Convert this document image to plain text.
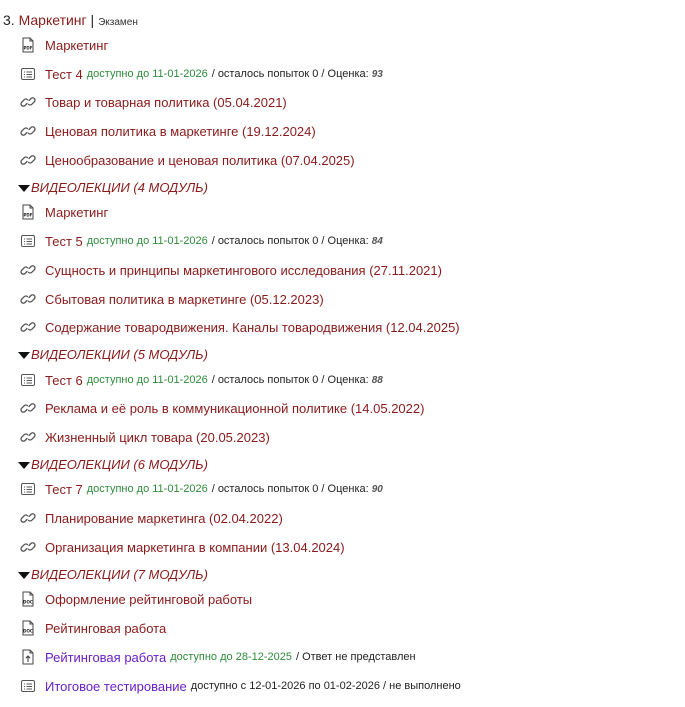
3. Маркетинг | Экзамен
PDF Маркетинг
Тест 4 доступно до 11-01-2026 / осталось попыток 0 / Оценка: 93
Товар и товарная политика (05.04.2021)
Ценовая политика в маркетинге (19.12.2024)
Ценообразование и ценовая политика (07.04.2025)
ВИДЕОЛЕКЦИИ (4 МОДУЛЬ)
PDF Маркетинг
Тест 5 доступно до 11-01-2026 / осталось попыток 0 / Оценка: 84
Сущность и принципы маркетингового исследования (27.11.2021)
Сбытовая политика в маркетинге (05.12.2023)
Содержание товародвижения. Каналы товародвижения (12.04.2025)
ВИДЕОЛЕКЦИИ (5 МОДУЛЬ)
Тест 6 доступно до 11-01-2026 / осталось попыток 0 / Оценка: 88
Реклама и её роль в коммуникационной политике (14.05.2022)
Жизненный цикл товара (20.05.2023)
ВИДЕОЛЕКЦИИ (6 МОДУЛЬ)
Тест 7 доступно до 11-01-2026 / осталось попыток 0 / Оценка: 90
Планирование маркетинга (02.04.2022)
Организация маркетинга в компании (13.04.2024)
ВИДЕОЛЕКЦИИ (7 МОДУЛЬ)
DOC Оформление рейтинговой работы
DOC Рейтинговая работа
Рейтинговая работа доступно до 28-12-2025 / Ответ не представлен
Итоговое тестирование доступно с 12-01-2026 по 01-02-2026 / не выполнено
